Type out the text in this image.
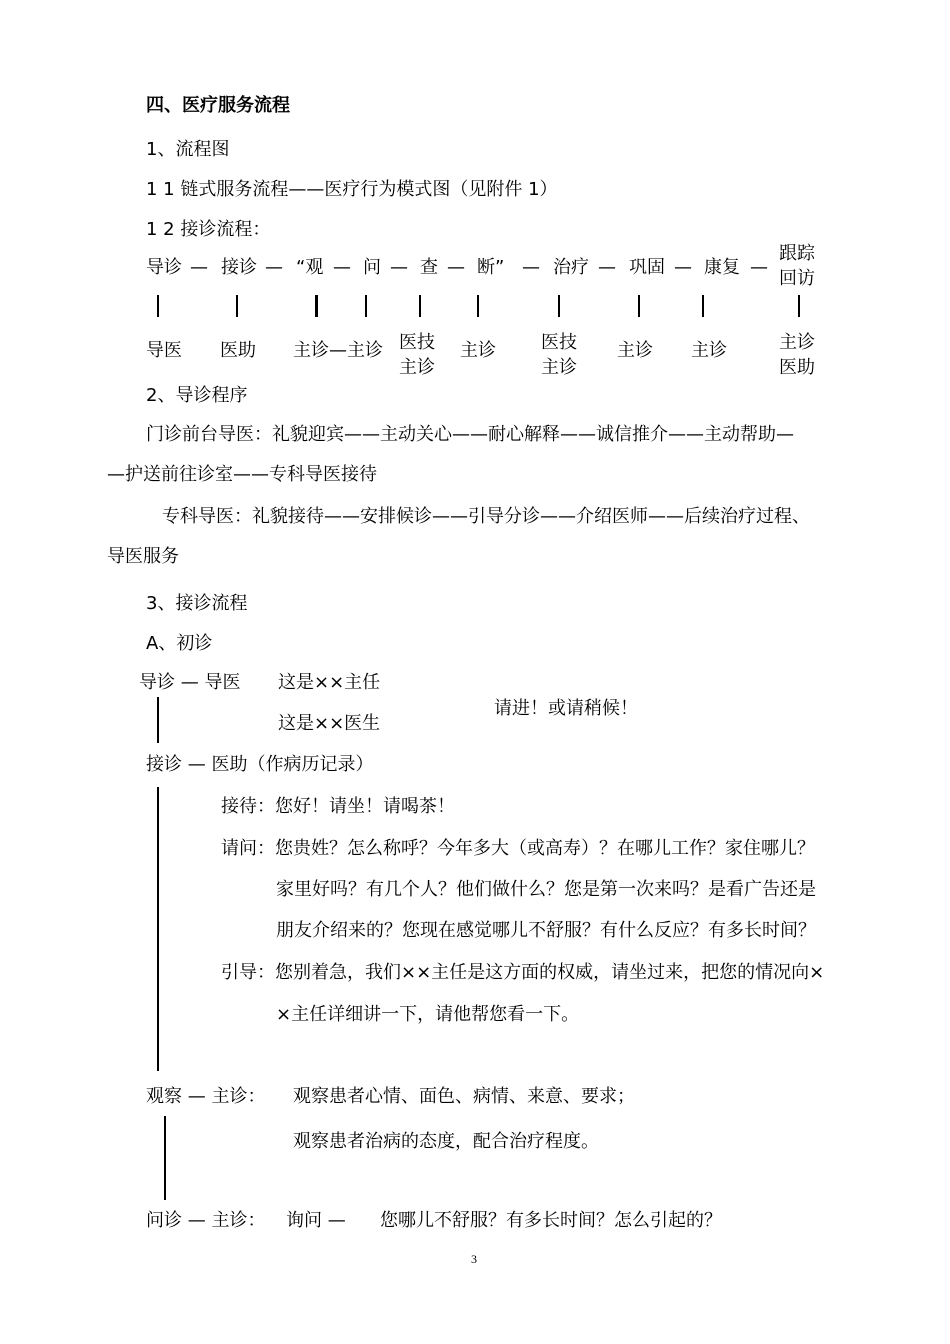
四、医疗服务流程
1、流程图
1 1 链式服务流程——医疗行为模式图（见附件 1）
1 2 接诊流程：
导诊 — 接诊 — “观 — 问 — 查 — 断” — 治疗 — 巩固 — 康复 —
跟踪
回访
导医 医助 主诊—主诊 医技
主诊
主诊	医技
主诊
主诊 主诊	主诊
医助
2、导诊程序
门诊前台导医：礼貌迎宾——主动关心——耐心解释——诚信推介——主动帮助—
—护送前往诊室——专科导医接待
专科导医：礼貌接待——安排候诊——引导分诊——介绍医师——后续治疗过程、
导医服务
3、接诊流程
A、初诊
导诊 — 导医 这是××主任
这是××医生
请进！或请稍候！
接诊 — 医助（作病历记录）
接待：您好！请坐！请喝茶！
请问：您贵姓？怎么称呼？今年多大（或高寿）？在哪儿工作？家住哪儿？
家里好吗？有几个人？他们做什么？您是第一次来吗？是看广告还是
朋友介绍来的？您现在感觉哪儿不舒服？有什么反应？有多长时间？
引导：您别着急，我们××主任是这方面的权威，请坐过来，把您的情况向×
×主任详细讲一下，请他帮您看一下。
观察 — 主诊： 观察患者心情、面色、病情、来意、要求；
观察患者治病的态度，配合治疗程度。
问诊 — 主诊： 询问 — 您哪儿不舒服？有多长时间？怎么引起的？
3
